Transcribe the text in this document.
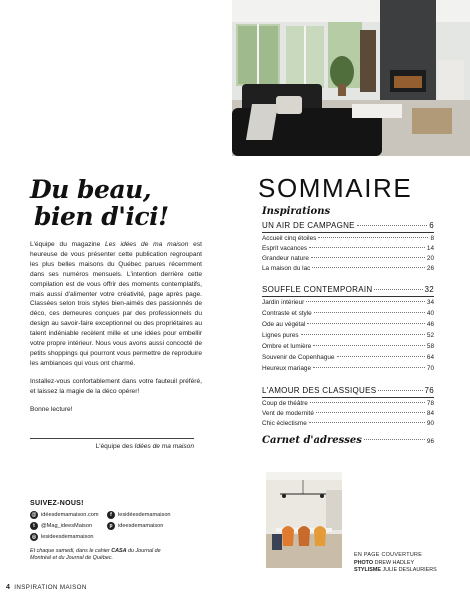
Du beau,
bien d'ici!

L'équipe du magazine Les idées de ma maison est heureuse de vous présenter cette publication regroupant les plus belles maisons du Québec parues récemment dans ses numéros mensuels. L'intention derrière cette compilation est de vous offrir des moments contemplatifs, mais aussi d'alimenter votre créativité, page après page. Classées selon trois styles bien-aimés des passionnés de déco, ces demeures conçues par des professionnels du design au savoir-faire exceptionnel ou des propriétaires au talent indéniable recèlent mille et une idées pour embellir votre propre intérieur. Nous vous avons aussi concocté de petits shoppings qui pourront vous permettre de reproduire les ambiances qui vous ont charmé.

Installez-vous confortablement dans votre fauteuil préféré, et laissez la magie de la déco opérer!

Bonne lecture!

L'équipe des Idées de ma maison
SUIVEZ-NOUS!
@ idéesdemamaison.com	f	lesidéesdemamaison
t	@Mag_ideesMaison	p ideesdemamaison
◎ lesideesdemamaison
Et chaque samedi, dans le cahier CASA du Journal de Montréal et du Journal de Québec.
4 INSPIRATION MAISON
SOMMAIRE
Inspirations
UN AIR DE CAMPAGNE	6
Accueil cinq étoiles	8
Esprit vacances	14
Grandeur nature	20
La maison du lac	26
SOUFFLE CONTEMPORAIN	32
Jardin intérieur	34
Contraste et style	40
Ode au végétal	46
Lignes pures	52
Ombre et lumière	58
Souvenir de Copenhague	64
Heureux mariage	70
L'AMOUR DES CLASSIQUES	76
Coup de théâtre	78
Vent de modernité	84
Chic éclectisme	90
Carnet d'adresses	96
EN PAGE COUVERTURE
PHOTO DREW HADLEY
STYLISME JULIE DESLAURIERS
